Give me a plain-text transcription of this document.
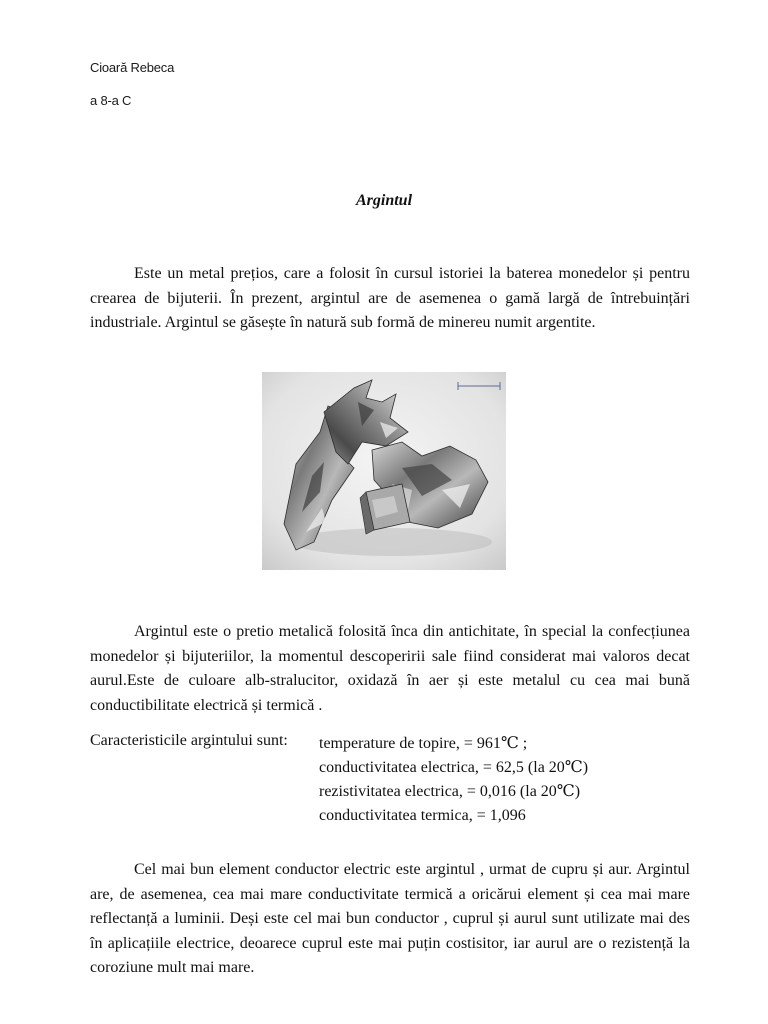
Cioară Rebeca
a 8-a C
Argintul
Este un metal prețios, care a folosit în cursul istoriei la baterea monedelor și pentru crearea de bijuterii. În prezent, argintul are de asemenea o gamă largă de întrebuințări industriale. Argintul se găsește în natură sub formă de minereu numit argentite.
Argintul este o pretio metalică folosită înca din antichitate, în special la confecțiunea monedelor și bijuteriilor, la momentul descoperirii sale fiind considerat mai valoros decat aurul.Este de culoare alb-stralucitor, oxidază în aer și este metalul cu cea mai bună conductibilitate electrică și termică .
Caracteristicile argintului sunt: temperature de topire, = 961℃ ;
conductivitatea electrica, = 62,5 (la 20℃)
rezistivitatea electrica, = 0,016 (la 20℃)
conductivitatea termica, = 1,096
Cel mai bun element conductor electric este argintul , urmat de cupru și aur. Argintul are, de asemenea, cea mai mare conductivitate termică a oricărui element și cea mai mare reflectanță a luminii. Deși este cel mai bun conductor , cuprul și aurul sunt utilizate mai des în aplicațiile electrice, deoarece cuprul este mai puțin costisitor, iar aurul are o rezistență la coroziune mult mai mare.
